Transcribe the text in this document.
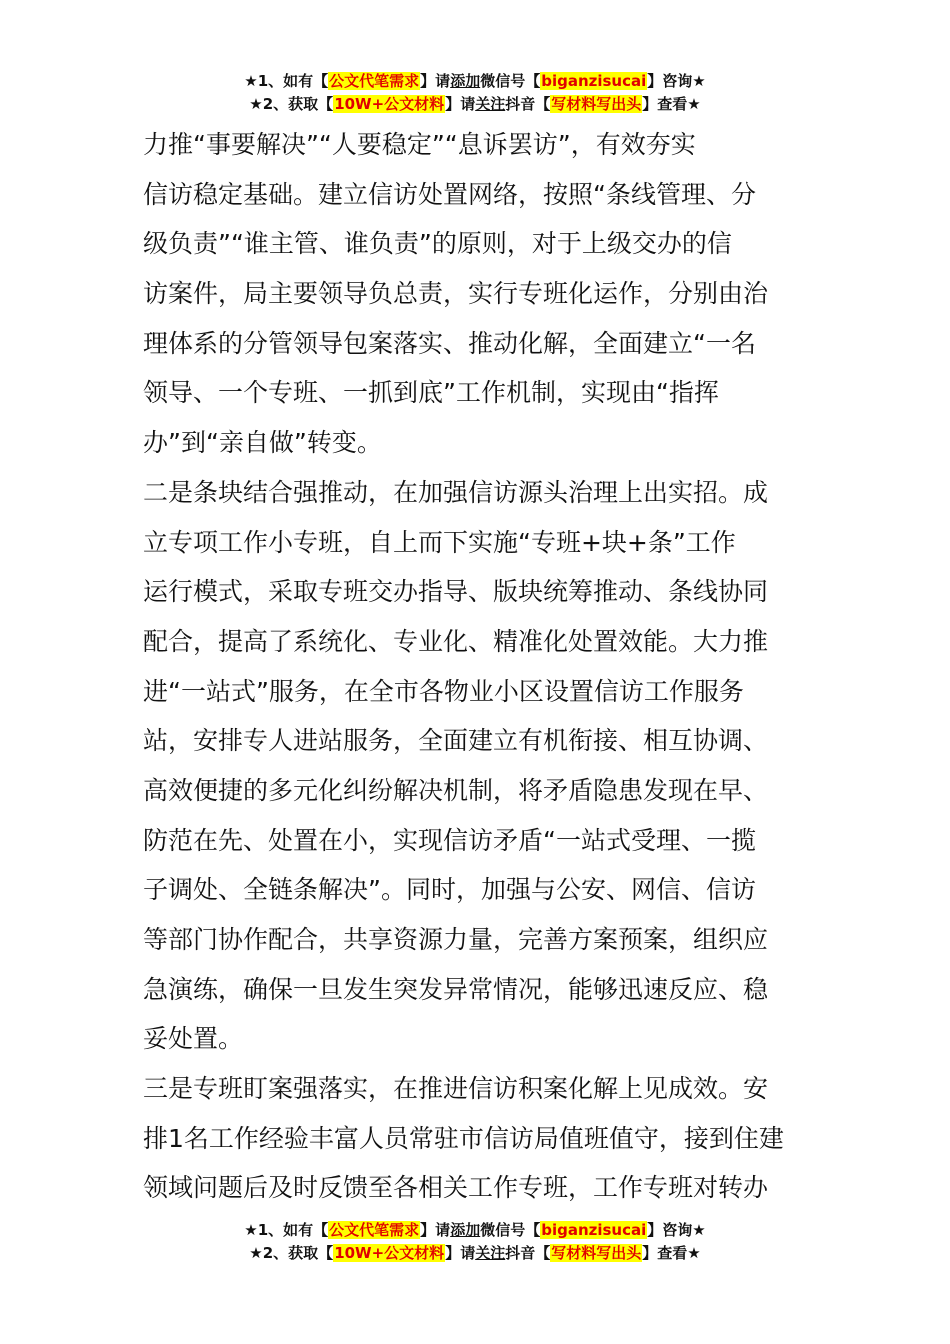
★1、如有【公文代笔需求】请添加微信号【biganzisucai】咨询★
★2、获取【10W+公文材料】请关注抖音【写材料写出头】查看★
力推“事要解决”“人要稳定”“息诉罢访”，有效夯实
信访稳定基础。建立信访处置网络，按照“条线管理、分
级负责”“谁主管、谁负责”的原则，对于上级交办的信
访案件，局主要领导负总责，实行专班化运作，分别由治
理体系的分管领导包案落实、推动化解，全面建立“一名
领导、一个专班、一抓到底”工作机制，实现由“指挥
办”到“亲自做”转变。
二是条块结合强推动，在加强信访源头治理上出实招。成
立专项工作小专班，自上而下实施“专班+块+条”工作
运行模式，采取专班交办指导、版块统筹推动、条线协同
配合，提高了系统化、专业化、精准化处置效能。大力推
进“一站式”服务，在全市各物业小区设置信访工作服务
站，安排专人进站服务，全面建立有机衔接、相互协调、
高效便捷的多元化纠纷解决机制，将矛盾隐患发现在早、
防范在先、处置在小，实现信访矛盾“一站式受理、一揽
子调处、全链条解决”。同时，加强与公安、网信、信访
等部门协作配合，共享资源力量，完善方案预案，组织应
急演练，确保一旦发生突发异常情况，能够迅速反应、稳
妥处置。
三是专班盯案强落实，在推进信访积案化解上见成效。安
排1名工作经验丰富人员常驻市信访局值班值守，接到住建
领域问题后及时反馈至各相关工作专班，工作专班对转办
★1、如有【公文代笔需求】请添加微信号【biganzisucai】咨询★
★2、获取【10W+公文材料】请关注抖音【写材料写出头】查看★
